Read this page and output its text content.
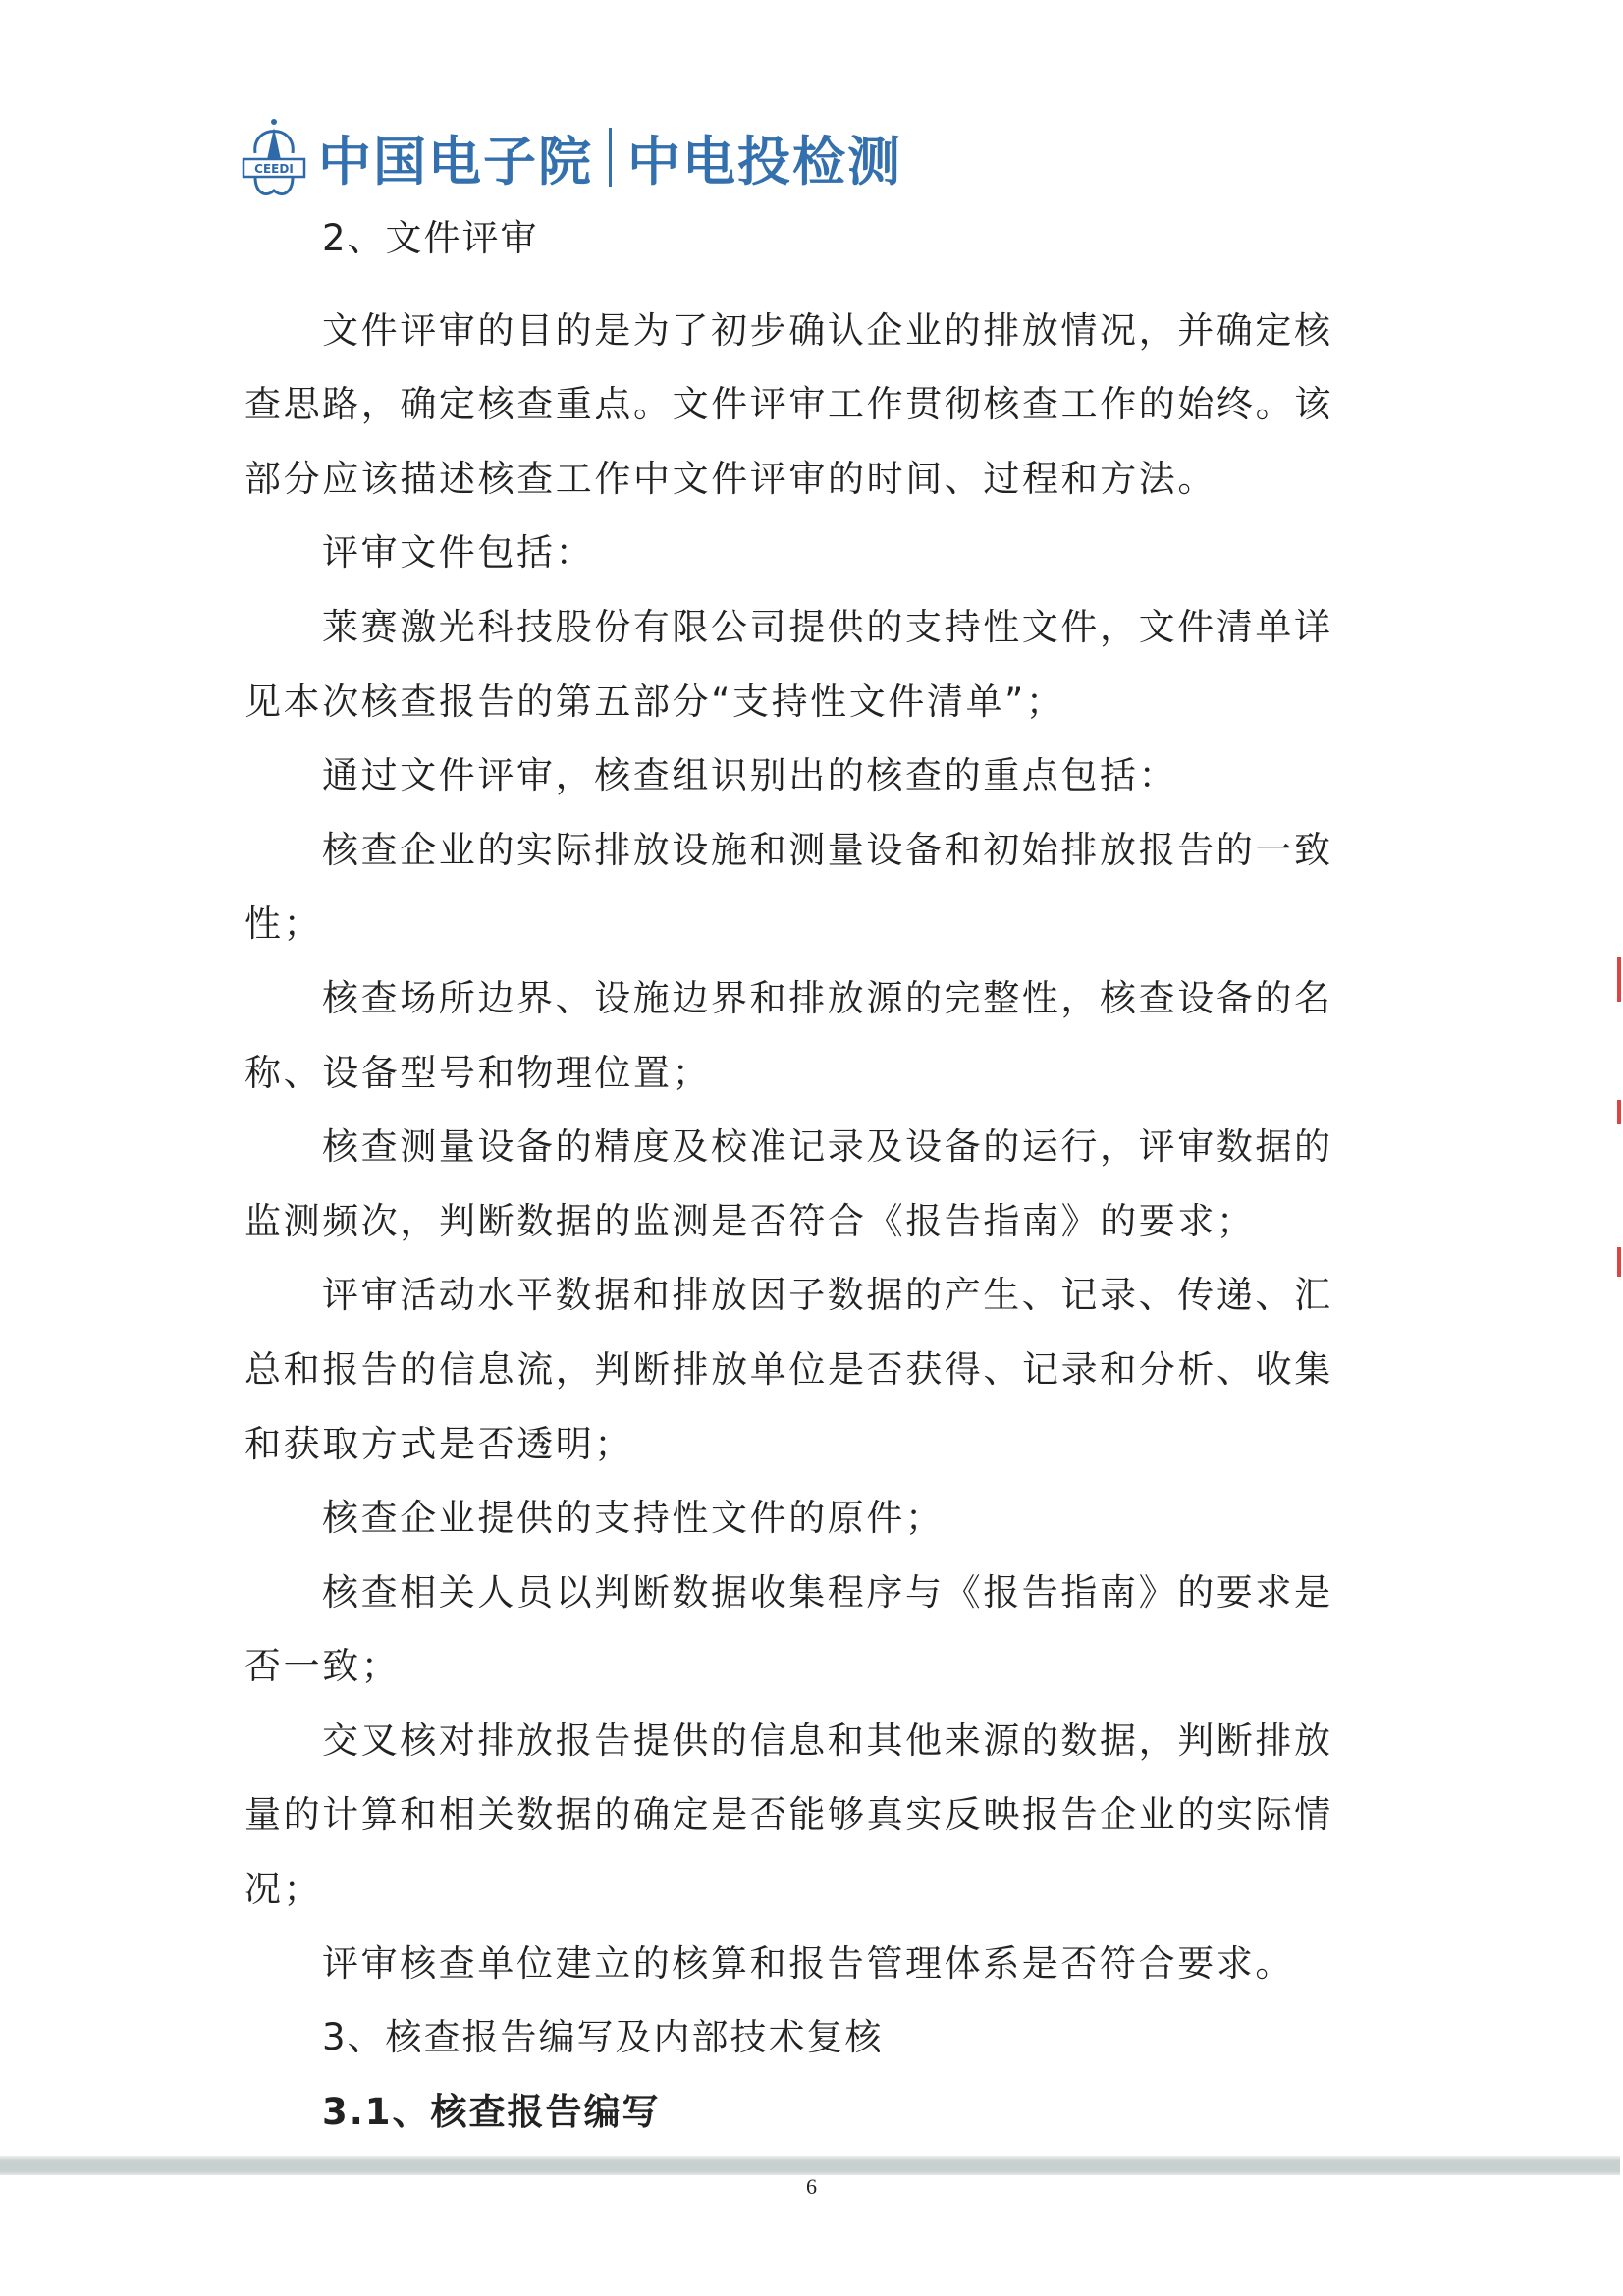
CEEDI 中国电子院 中电投检测

2、文件评审

文件评审的目的是为了初步确认企业的排放情况，并确定核查思路，确定核查重点。文件评审工作贯彻核查工作的始终。该部分应该描述核查工作中文件评审的时间、过程和方法。

评审文件包括：

莱赛激光科技股份有限公司提供的支持性文件，文件清单详见本次核查报告的第五部分“支持性文件清单”；

通过文件评审，核查组识别出的核查的重点包括：

核查企业的实际排放设施和测量设备和初始排放报告的一致性；

核查场所边界、设施边界和排放源的完整性，核查设备的名称、设备型号和物理位置；

核查测量设备的精度及校准记录及设备的运行，评审数据的监测频次，判断数据的监测是否符合《报告指南》的要求；

评审活动水平数据和排放因子数据的产生、记录、传递、汇总和报告的信息流，判断排放单位是否获得、记录和分析、收集和获取方式是否透明；

核查企业提供的支持性文件的原件；

核查相关人员以判断数据收集程序与《报告指南》的要求是否一致；

交叉核对排放报告提供的信息和其他来源的数据，判断排放量的计算和相关数据的确定是否能够真实反映报告企业的实际情况；

评审核查单位建立的核算和报告管理体系是否符合要求。

3、核查报告编写及内部技术复核

3.1、核查报告编写

6
